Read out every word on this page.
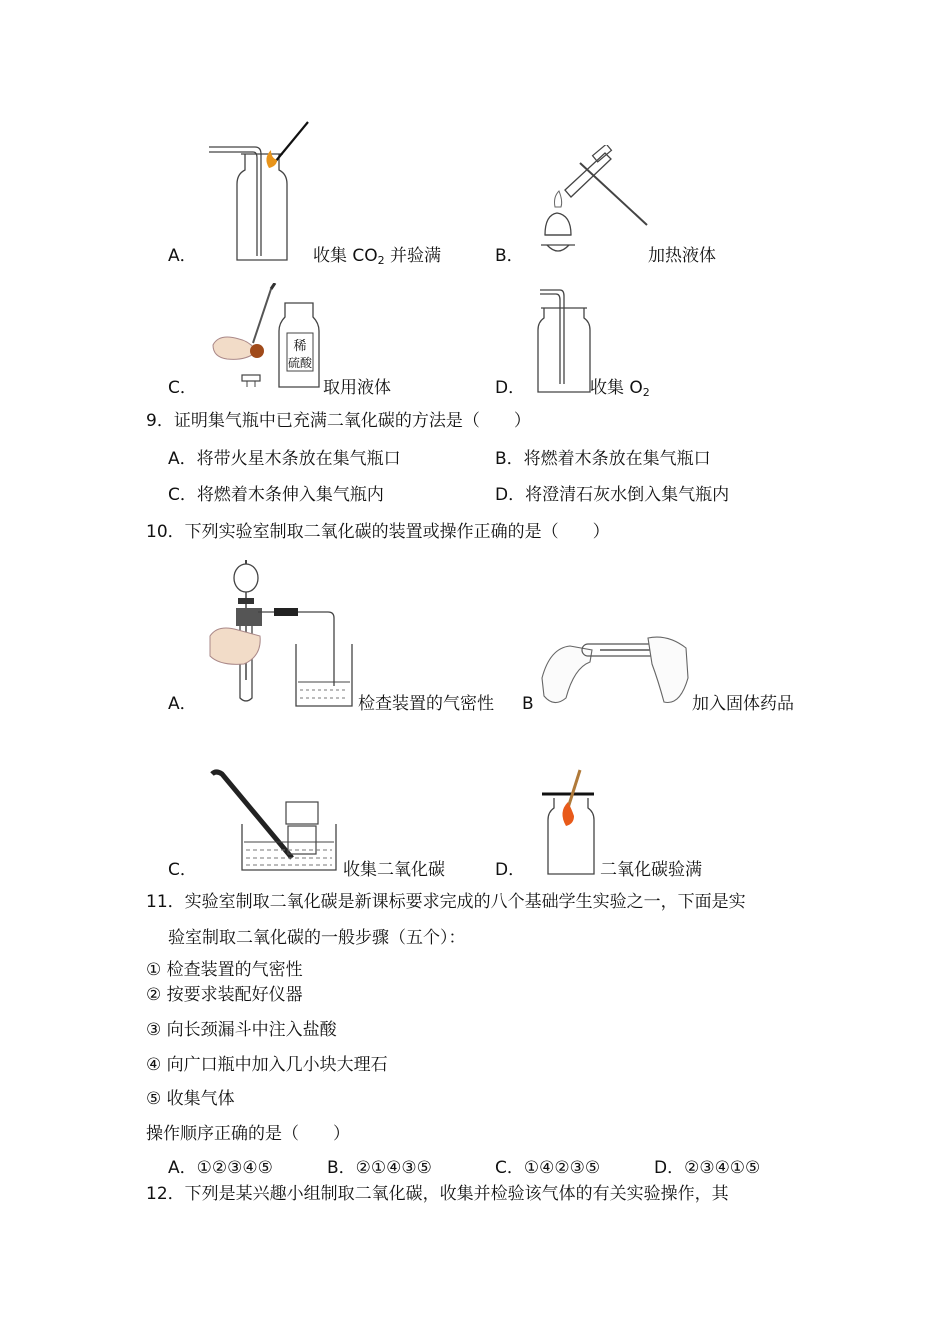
A．	收集 $CO_2$ 并验满	B．	加热液体
稀
硫酸
C．	取用液体	D．	收集 $O_2$
9．证明集气瓶中已充满二氧化碳的方法是（　　）
A．将带火星木条放在集气瓶口	B．将燃着木条放在集气瓶口
C．将燃着木条伸入集气瓶内	D．将澄清石灰水倒入集气瓶内
10．下列实验室制取二氧化碳的装置或操作正确的是（　　）
A．	检查装置的气密性 B	加入固体药品
C．	收集二氧化碳	D．	二氧化碳验满
11．实验室制取二氧化碳是新课标要求完成的八个基础学生实验之一，下面是实
验室制取二氧化碳的一般步骤（五个）：
① 检查装置的气密性
② 按要求装配好仪器
③ 向长颈漏斗中注入盐酸
④ 向广口瓶中加入几小块大理石
⑤ 收集气体
操作顺序正确的是（　　）
A．①②③④⑤	B．②①④③⑤	C．①④②③⑤	D．②③④①⑤
12．下列是某兴趣小组制取二氧化碳，收集并检验该气体的有关实验操作，其
